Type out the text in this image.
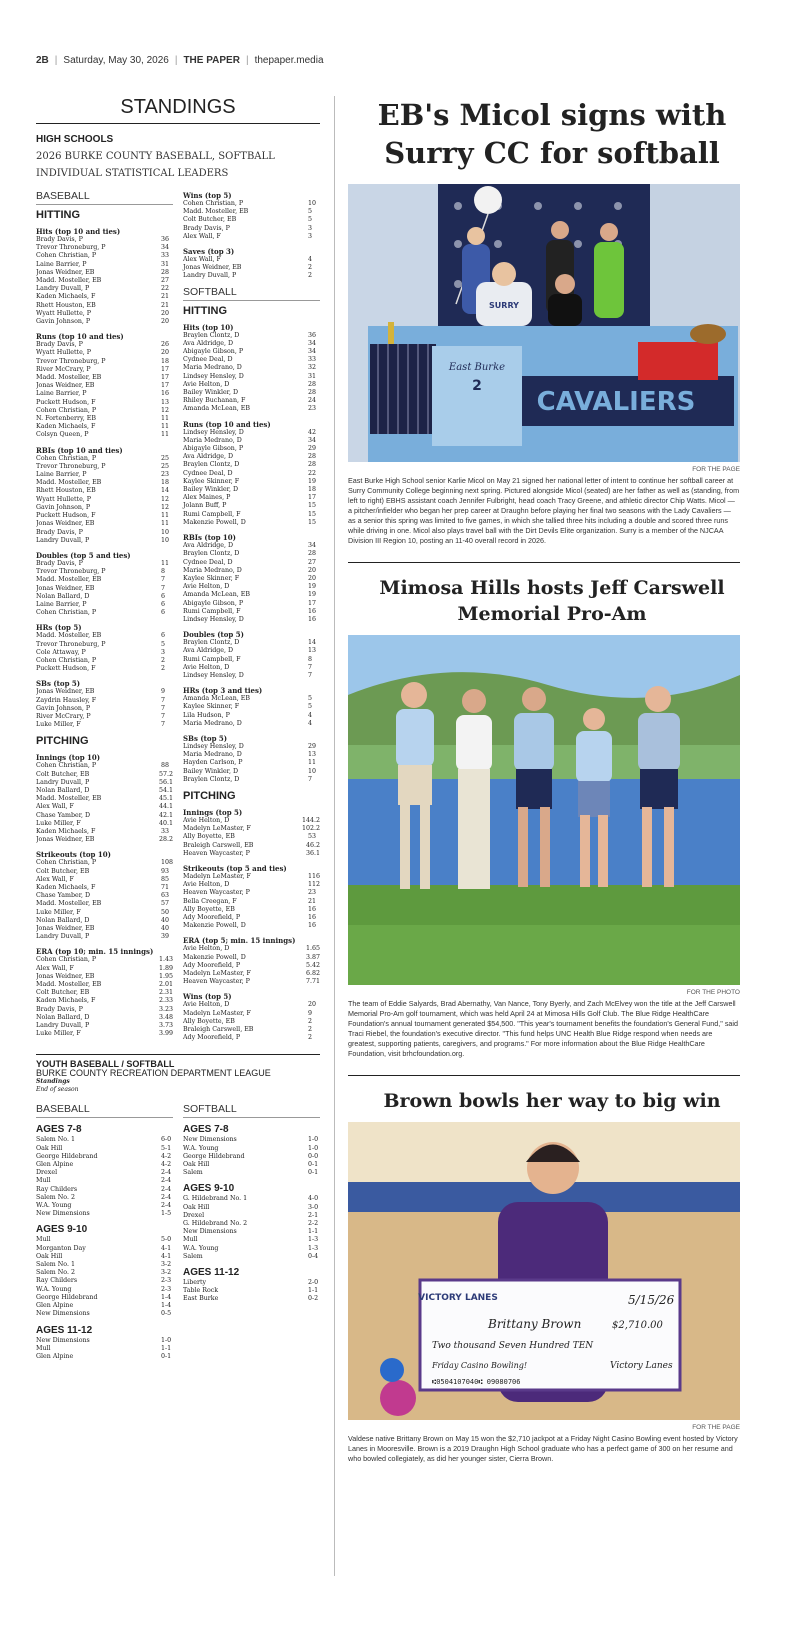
2B | Saturday, May 30, 2026 | THE PAPER | thepaper.media
STANDINGS
HIGH SCHOOLS
2026 BURKE COUNTY BASEBALL, SOFTBALL
INDIVIDUAL STATISTICAL LEADERS
BASEBALL
HITTING
Hits (top 10 and ties)
Brady Davis, P	36
Trevor Throneburg, P	34
Cohen Christian, P	33
Laine Barrier, P	31
Jonas Weidner, EB	28
Madd. Mosteller, EB	27
Landry Duvall, P	22
Kaden Michaels, F	21
Rhett Houston, EB	21
Wyatt Hullette, P	20
Gavin Johnson, P	20
Runs (top 10 and ties)
Brady Davis, P	26
Wyatt Hullette, P	20
Trevor Throneburg, P	18
River McCrary, P	17
Madd. Mosteller, EB	17
Jonas Weidner, EB	17
Laine Barrier, P	16
Puckett Hudson, F	13
Cohen Christian, P	12
N. Fortenberry, EB	11
Kaden Michaels, F	11
Colsyn Queen, P	11
RBIs (top 10 and ties)
Cohen Christian, P	25
Trevor Throneburg, P	25
Laine Barrier, P	23
Madd. Mosteller, EB	18
Rhett Houston, EB	14
Wyatt Hullette, P	12
Gavin Johnson, P	12
Puckett Hudson, F	11
Jonas Weidner, EB	11
Brady Davis, P	10
Landry Duvall, P	10
Doubles (top 5 and ties)
Brady Davis, P	11
Trevor Throneburg, P	8
Madd. Mosteller, EB	7
Jonas Weidner, EB	7
Nolan Ballard, D	6
Laine Barrier, P	6
Cohen Christian, P	6
HRs (top 5)
Madd. Mosteller, EB	6
Trevor Throneburg, P	5
Cole Attaway, P	3
Cohen Christian, P	2
Puckett Hudson, F	2
SBs (top 5)
Jonas Weidner, EB	9
Zaydrin Hausley, F	7
Gavin Johnson, P	7
River McCrary, P	7
Luke Miller, F	7
PITCHING
Innings (top 10)
Cohen Christian, P	88
Colt Butcher, EB	57.2
Landry Duvall, P	56.1
Nolan Ballard, D	54.1
Madd. Mosteller, EB	45.1
Alex Wall, F	44.1
Chase Yamber, D	42.1
Luke Miller, F	40.1
Kaden Michaels, F	33
Jonas Weidner, EB	28.2
Strikeouts (top 10)
Cohen Christian, P	108
Colt Butcher, EB	93
Alex Wall, F	85
Kaden Michaels, F	71
Chase Yamber, D	63
Madd. Mosteller, EB	57
Luke Miller, F	50
Nolan Ballard, D	40
Jonas Weidner, EB	40
Landry Duvall, P	39
ERA (top 10; min. 15 innings)
Cohen Christian, P	1.43
Alex Wall, F	1.89
Jonas Weidner, EB	1.95
Madd. Mosteller, EB	2.01
Colt Butcher, EB	2.31
Kaden Michaels, F	2.33
Brady Davis, P	3.23
Nolan Ballard, D	3.48
Landry Duvall, P	3.73
Luke Miller, F	3.99
Wins (top 5)
Cohen Christian, P	10
Madd. Mosteller, EB	5
Colt Butcher, EB	5
Brady Davis, P	3
Alex Wall, F	3
Saves (top 3)
Alex Wall, F	4
Jonas Weidner, EB	2
Landry Duvall, P	2
SOFTBALL
HITTING
Hits (top 10)
Braylen Clontz, D	36
Ava Aldridge, D	34
Abigayle Gibson, P	34
Cydnee Deal, D	33
Maria Medrano, D	32
Lindsey Hensley, D	31
Avie Helton, D	28
Bailey Winkler, D	28
Rhiley Buchanan, F	24
Amanda McLean, EB	23
Runs (top 10 and ties)
Lindsey Hensley, D	42
Maria Medrano, D	34
Abigayle Gibson, P	29
Ava Aldridge, D	28
Braylen Clontz, D	28
Cydnee Deal, D	22
Kaylee Skinner, F	19
Bailey Winkler, D	18
Alex Maines, P	17
Jolann Buff, P	15
Rumi Campbell, F	15
Makenzie Powell, D	15
RBIs (top 10)
Ava Aldridge, D	34
Braylen Clontz, D	28
Cydnee Deal, D	27
Maria Medrano, D	20
Kaylee Skinner, F	20
Avie Helton, D	19
Amanda McLean, EB	19
Abigayle Gibson, P	17
Rumi Campbell, F	16
Lindsey Hensley, D	16
Doubles (top 5)
Braylen Clontz, D	14
Ava Aldridge, D	13
Rumi Campbell, F	8
Avie Helton, D	7
Lindsey Hensley, D	7
HRs (top 3 and ties)
Amanda McLean, EB	5
Kaylee Skinner, F	5
Lila Hudson, P	4
Maria Medrano, D	4
SBs (top 5)
Lindsey Hensley, D	29
Maria Medrano, D	13
Hayden Carlson, P	11
Bailey Winkler, D	10
Braylen Clontz, D	7
PITCHING
Innings (top 5)
Avie Helton, D	144.2
Madelyn LeMaster, F	102.2
Ally Boyette, EB	53
Braleigh Carswell, EB	46.2
Heaven Waycaster, P	36.1
Strikeouts (top 5 and ties)
Madelyn LeMaster, F	116
Avie Helton, D	112
Heaven Waycaster, P	23
Bella Creegan, F	21
Ally Boyette, EB	16
Ady Moorefield, P	16
Makenzie Powell, D	16
ERA (top 5; min. 15 innings)
Avie Helton, D	1.65
Makenzie Powell, D	3.87
Ady Moorefield, P	5.42
Madelyn LeMaster, F	6.82
Heaven Waycaster, P	7.71
Wins (top 5)
Avie Helton, D	20
Madelyn LeMaster, F	9
Ally Boyette, EB	2
Braleigh Carswell, EB	2
Ady Moorefield, P	2
YOUTH BASEBALL / SOFTBALL
BURKE COUNTY RECREATION DEPARTMENT LEAGUE
Standings
End of season
BASEBALL
AGES 7-8
Salem No. 1	6-0
Oak Hill	5-1
George Hildebrand	4-2
Glen Alpine	4-2
Drexel	2-4
Mull	2-4
Ray Childers	2-4
Salem No. 2	2-4
W.A. Young	2-4
New Dimensions	1-5
AGES 9-10
Mull	5-0
Morganton Day	4-1
Oak Hill	4-1
Salem No. 1	3-2
Salem No. 2	3-2
Ray Childers	2-3
W.A. Young	2-3
George Hildebrand	1-4
Glen Alpine	1-4
New Dimensions	0-5
AGES 11-12
New Dimensions	1-0
Mull	1-1
Glen Alpine	0-1
SOFTBALL
AGES 7-8
New Dimensions	1-0
W.A. Young	1-0
George Hildebrand	0-0
Oak Hill	0-1
Salem	0-1
AGES 9-10
G. Hildebrand No. 1	4-0
Oak Hill	3-0
Drexel	2-1
G. Hildebrand No. 2	2-2
New Dimensions	1-1
Mull	1-3
W.A. Young	1-3
Salem	0-4
AGES 11-12
Liberty	2-0
Table Rock	1-1
East Burke	0-2
EB's Micol signs with Surry CC for softball
SURRY
CAVALIERS
East Burke
2
FOR THE PAGE
East Burke High School senior Karlie Micol on May 21 signed her national letter of intent to continue her softball career at Surry Community College beginning next spring. Pictured alongside Micol (seated) are her father as well as (standing, from left to right) EBHS assistant coach Jennifer Fulbright, head coach Tracy Greene, and athletic director Chip Watts. Micol — a pitcher/infielder who began her prep career at Draughn before playing her final two seasons with the Lady Cavaliers — as a senior this spring was limited to five games, in which she tallied three hits including a double and scored three runs while driving in one. Micol also plays travel ball with the Dirt Devils Elite organization. Surry is a member of the NJCAA Division III Region 10, posting an 11-40 overall record in 2026.
Mimosa Hills hosts Jeff Carswell Memorial Pro-Am
FOR THE PHOTO
The team of Eddie Salyards, Brad Abernathy, Van Nance, Tony Byerly, and Zach McElvey won the title at the Jeff Carswell Memorial Pro-Am golf tournament, which was held April 24 at Mimosa Hills Golf Club. The Blue Ridge HealthCare Foundation's annual tournament generated $54,500. "This year's tournament benefits the foundation's General Fund," said Traci Riebel, the foundation's executive director. "This fund helps UNC Health Blue Ridge respond when needs are greatest, supporting patients, caregivers, and programs." For more information about the Blue Ridge HealthCare Foundation, visit brhcfoundation.org.
Brown bowls her way to big win
VICTORY LANES	5/15/26
Brittany Brown	$2,710.00
Two thousand Seven Hundred TEN
Friday Casino Bowling!	Victory Lanes
⑆0504107040⑆ 09080706
FOR THE PAGE
Valdese native Brittany Brown on May 15 won the $2,710 jackpot at a Friday Night Casino Bowling event hosted by Victory Lanes in Mooresville. Brown is a 2019 Draughn High School graduate who has a perfect game of 300 on her resume and who bowled collegiately, as did her younger sister, Cierra Brown.
